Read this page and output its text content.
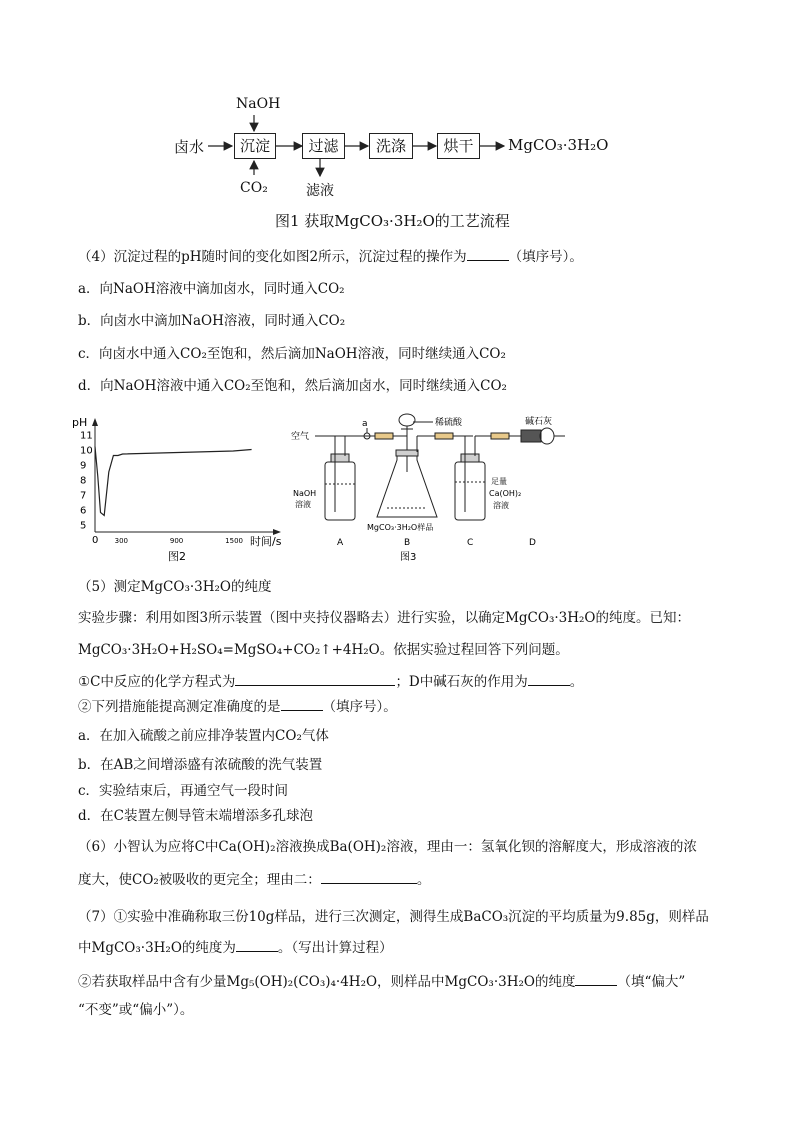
NaOH
CO₂
卤水	沉淀	过滤	洗涤	烘干	MgCO₃·3H₂O
滤液
图1 获取MgCO₃·3H₂O的工艺流程
（4）沉淀过程的pH随时间的变化如图2所示，沉淀过程的操作为	（填序号）。
a．向NaOH溶液中滴加卤水，同时通入CO₂
b．向卤水中滴加NaOH溶液，同时通入CO₂
c．向卤水中通入CO₂至饱和，然后滴加NaOH溶液，同时继续通入CO₂
d．向NaOH溶液中通入CO₂至饱和，然后滴加卤水，同时继续通入CO₂
pH
11
10
9
8
7
6
5
0 300	900	1500 时间/s
图2
空气
a	稀硫酸	碱石灰
NaOH
溶液
MgCO₃·3H₂O样品
足量
Ca(OH)₂
溶液
A	B	C	D
图3
（5）测定MgCO₃·3H₂O的纯度
实验步骤：利用如图3所示装置（图中夹持仪器略去）进行实验，以确定MgCO₃·3H₂O的纯度。已知：
MgCO₃·3H₂O+H₂SO₄=MgSO₄+CO₂↑+4H₂O。依据实验过程回答下列问题。
①C中反应的化学方程式为	；D中碱石灰的作用为	。
②下列措施能提高测定准确度的是	（填序号）。
a．在加入硫酸之前应排净装置内CO₂气体
b．在AB之间增添盛有浓硫酸的洗气装置
c．实验结束后，再通空气一段时间
d．在C装置左侧导管末端增添多孔球泡
（6）小智认为应将C中Ca(OH)₂溶液换成Ba(OH)₂溶液，理由一：氢氧化钡的溶解度大，形成溶液的浓
度大，使CO₂被吸收的更完全；理由二：	。
（7）①实验中准确称取三份10g样品，进行三次测定，测得生成BaCO₃沉淀的平均质量为9.85g，则样品
中MgCO₃·3H₂O的纯度为	。（写出计算过程）
②若获取样品中含有少量Mg₅(OH)₂(CO₃)₄·4H₂O，则样品中MgCO₃·3H₂O的纯度	（填“偏大”
“不变”或“偏小”）。
